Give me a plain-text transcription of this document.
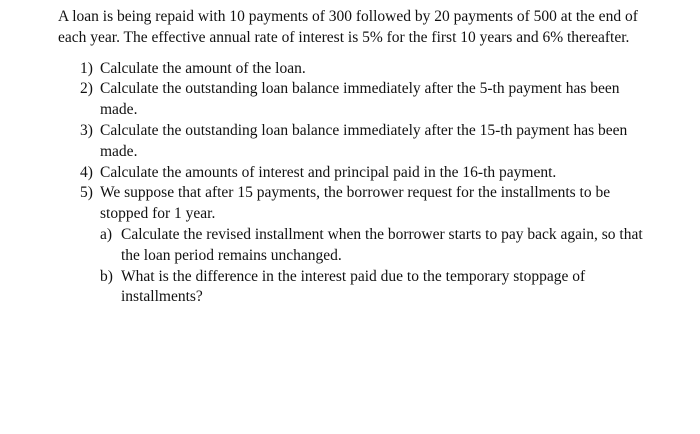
A loan is being repaid with 10 payments of 300 followed by 20 payments of 500 at the end of each year. The effective annual rate of interest is 5% for the first 10 years and 6% thereafter.

1) Calculate the amount of the loan.
2) Calculate the outstanding loan balance immediately after the 5-th payment has been made.
3) Calculate the outstanding loan balance immediately after the 15-th payment has been made.
4) Calculate the amounts of interest and principal paid in the 16-th payment.
5) We suppose that after 15 payments, the borrower request for the installments to be stopped for 1 year.
a) Calculate the revised installment when the borrower starts to pay back again, so that the loan period remains unchanged.
b) What is the difference in the interest paid due to the temporary stoppage of installments?
